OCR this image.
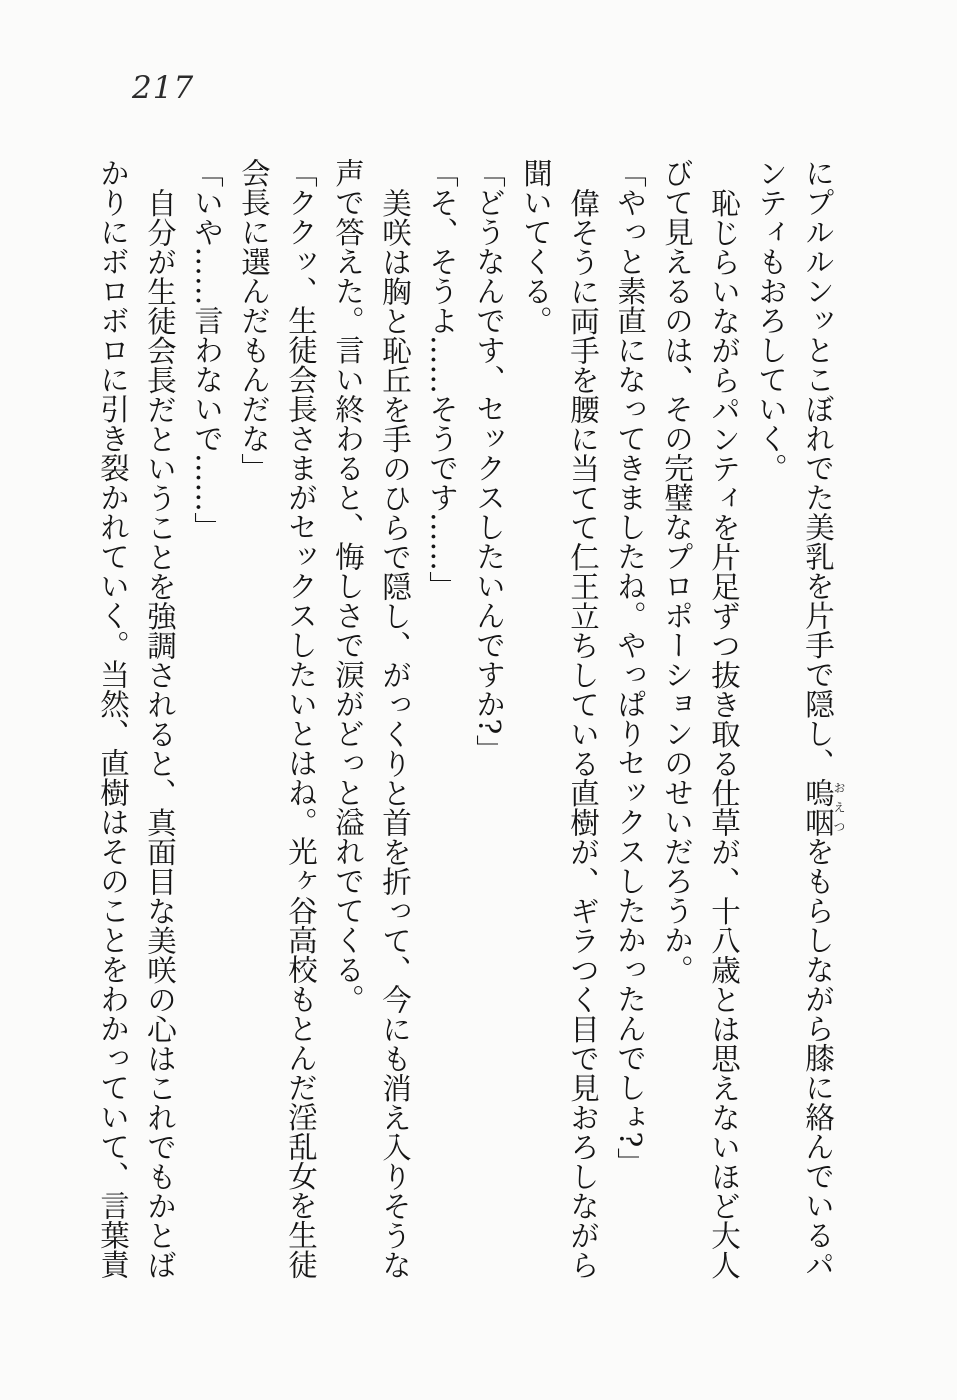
217

にプルルンッとこぼれでた美乳を片手で隠し、嗚咽おえつをもらしながら膝に絡んでいるパンティもおろしていく。

恥じらいながらパンティを片足ずつ抜き取る仕草が、十八歳とは思えないほど大人びて見えるのは、その完璧なプロポーションのせいだろうか。

「やっと素直になってきましたね。やっぱりセックスしたかったんでしょ?」

偉そうに両手を腰に当てて仁王立ちしている直樹が、ギラつく目で見おろしながら聞いてくる。

「どうなんです、セックスしたいんですか?」

「そ、そうよ……そうです……」

美咲は胸と恥丘を手のひらで隠し、がっくりと首を折って、今にも消え入りそうな声で答えた。言い終わると、悔しさで涙がどっと溢れでてくる。

「ククッ、生徒会長さまがセックスしたいとはね。光ヶ谷高校もとんだ淫乱女を生徒会長に選んだもんだな」

「いや……言わないで……」

自分が生徒会長だということを強調されると、真面目な美咲の心はこれでもかとばかりにボロボロに引き裂かれていく。当然、直樹はそのことをわかっていて、言葉責
